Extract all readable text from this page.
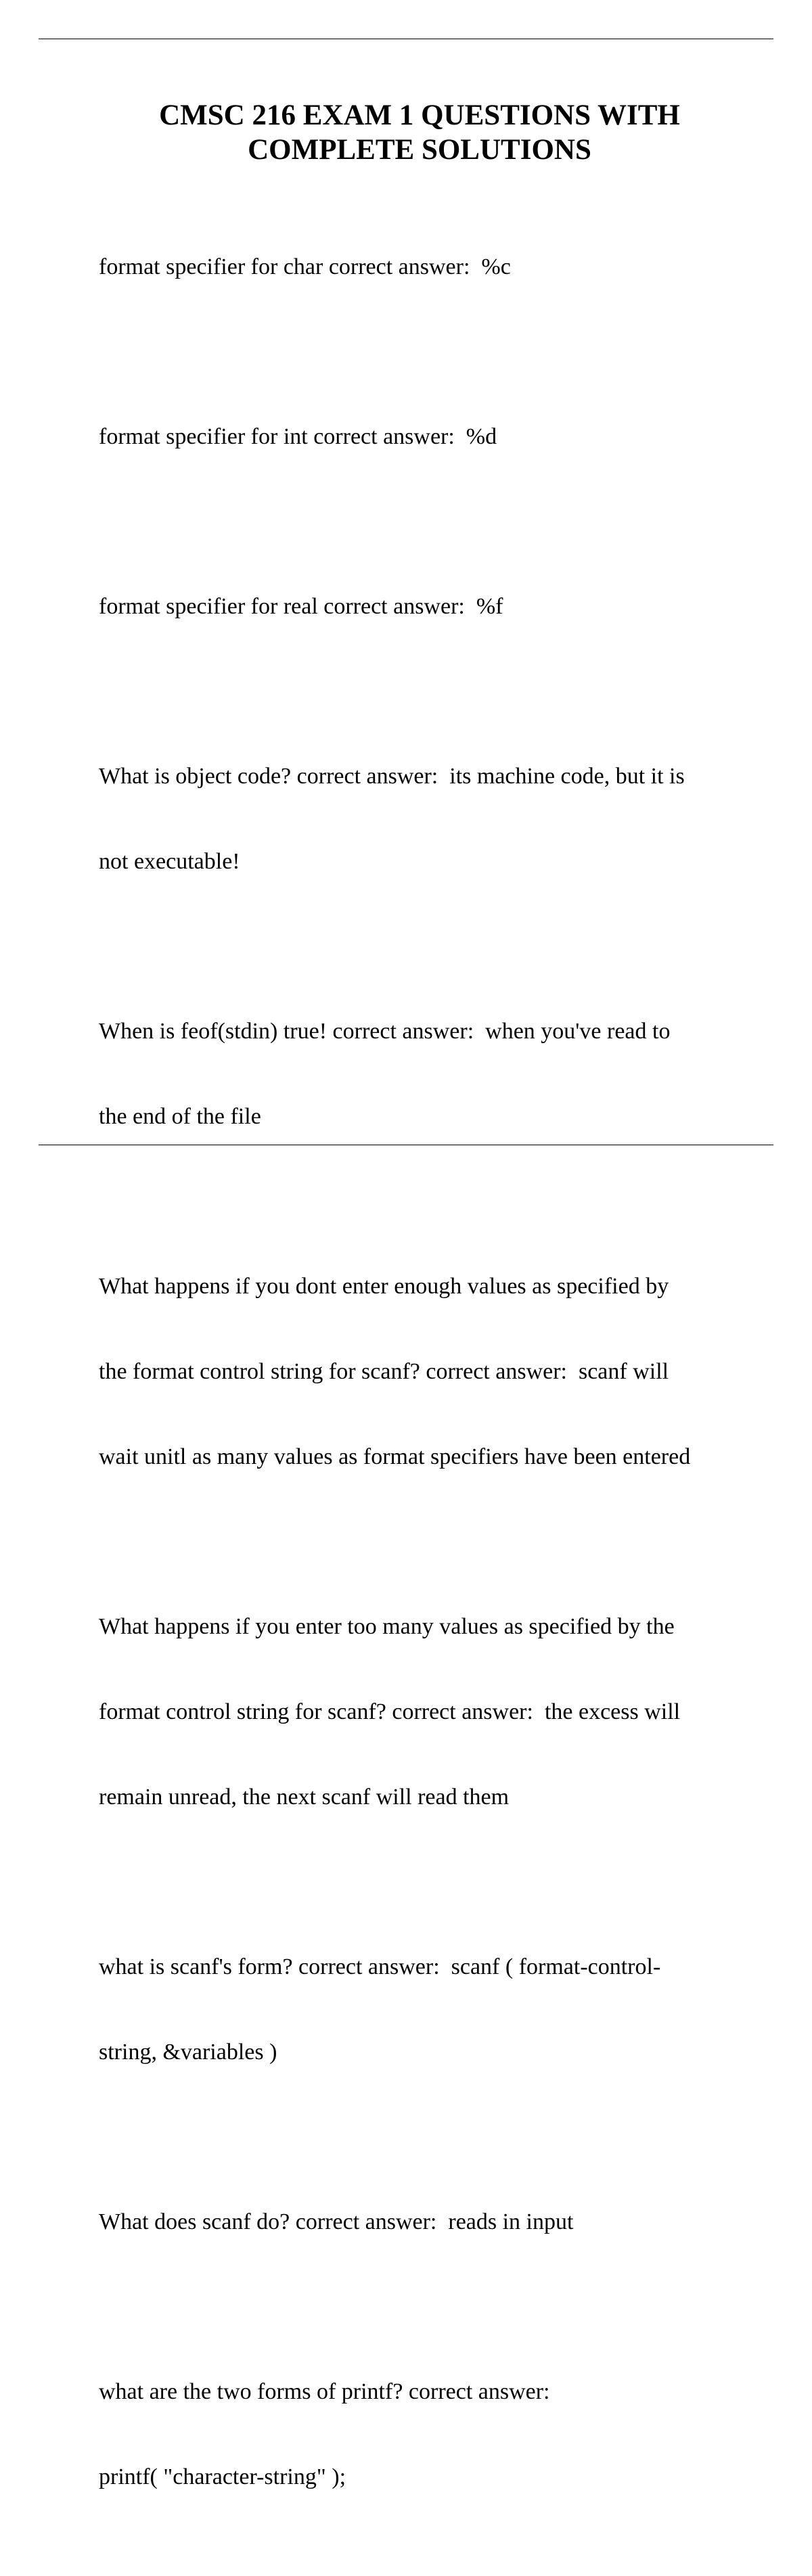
CMSC 216 EXAM 1 QUESTIONS WITH
COMPLETE SOLUTIONS

format specifier for char correct answer:  %c

format specifier for int correct answer:  %d

format specifier for real correct answer:  %f

What is object code? correct answer:  its machine code, but it is

not executable!

When is feof(stdin) true! correct answer:  when you've read to

the end of the file

What happens if you dont enter enough values as specified by

the format control string for scanf? correct answer:  scanf will

wait unitl as many values as format specifiers have been entered

What happens if you enter too many values as specified by the

format control string for scanf? correct answer:  the excess will

remain unread, the next scanf will read them

what is scanf's form? correct answer:  scanf ( format-control-

string, &variables )

What does scanf do? correct answer:  reads in input

what are the two forms of printf? correct answer:

printf( "character-string" );
